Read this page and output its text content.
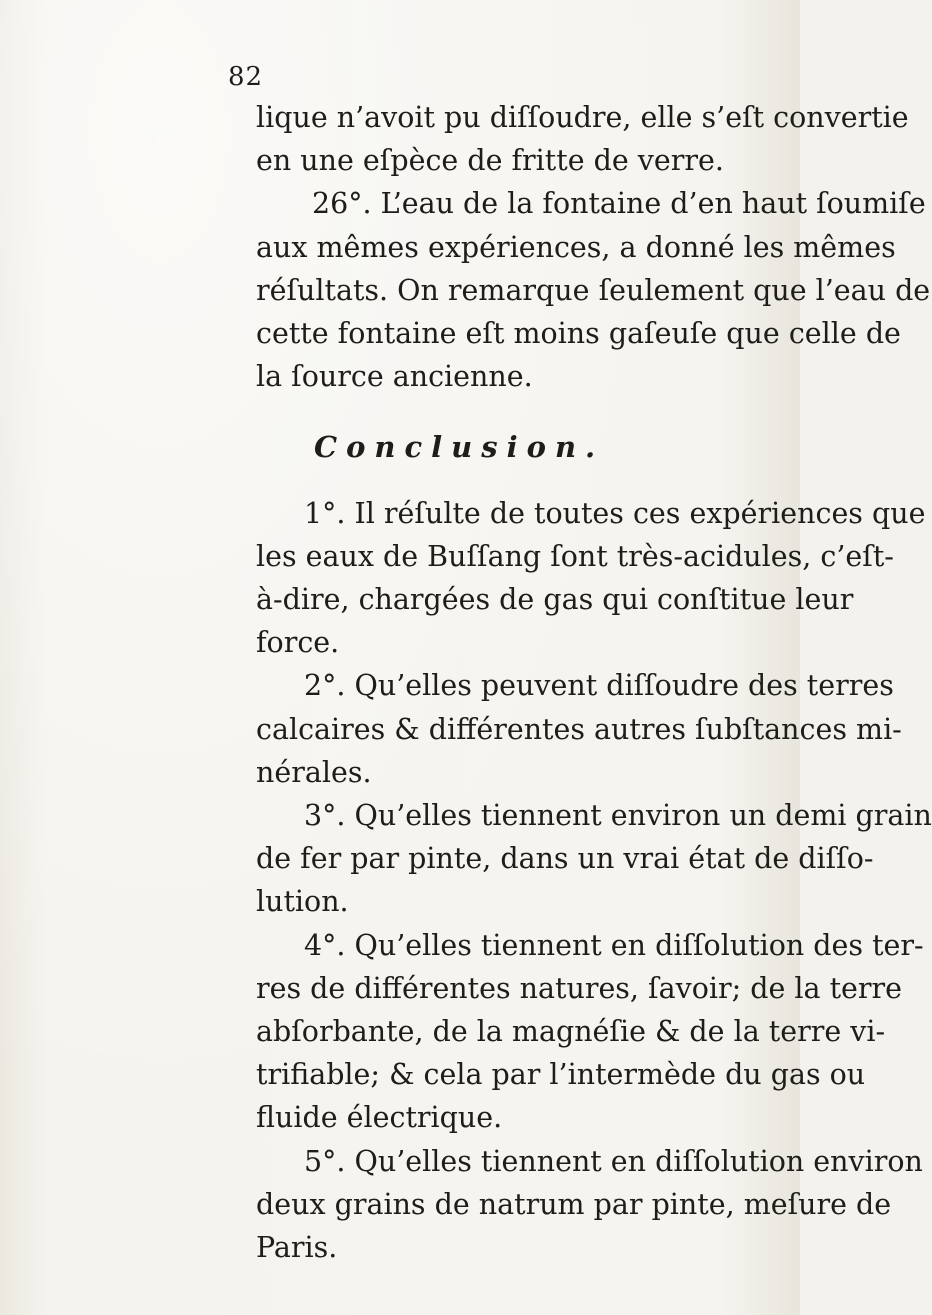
82
lique n’avoit pu diſſoudre, elle s’eſt convertie
en une eſpèce de fritte de verre.
26°. L’eau de la fontaine d’en haut ſoumiſe
aux mêmes expériences, a donné les mêmes
réſultats. On remarque ſeulement que l’eau de
cette fontaine eſt moins gaſeuſe que celle de
la ſource ancienne.
Conclusion.
1°. Il réſulte de toutes ces expériences que
les eaux de Buſſang ſont très-acidules, c’eſt-
à-dire, chargées de gas qui conſtitue leur
force.
2°. Qu’elles peuvent diſſoudre des terres
calcaires & différentes autres ſubſtances mi-
nérales.
3°. Qu’elles tiennent environ un demi grain
de fer par pinte, dans un vrai état de diſſo-
lution.
4°. Qu’elles tiennent en diſſolution des ter-
res de différentes natures, ſavoir; de la terre
abſorbante, de la magnéſie & de la terre vi-
trifiable; & cela par l’intermède du gas ou
fluide électrique.
5°. Qu’elles tiennent en diſſolution environ
deux grains de natrum par pinte, meſure de
Paris.
